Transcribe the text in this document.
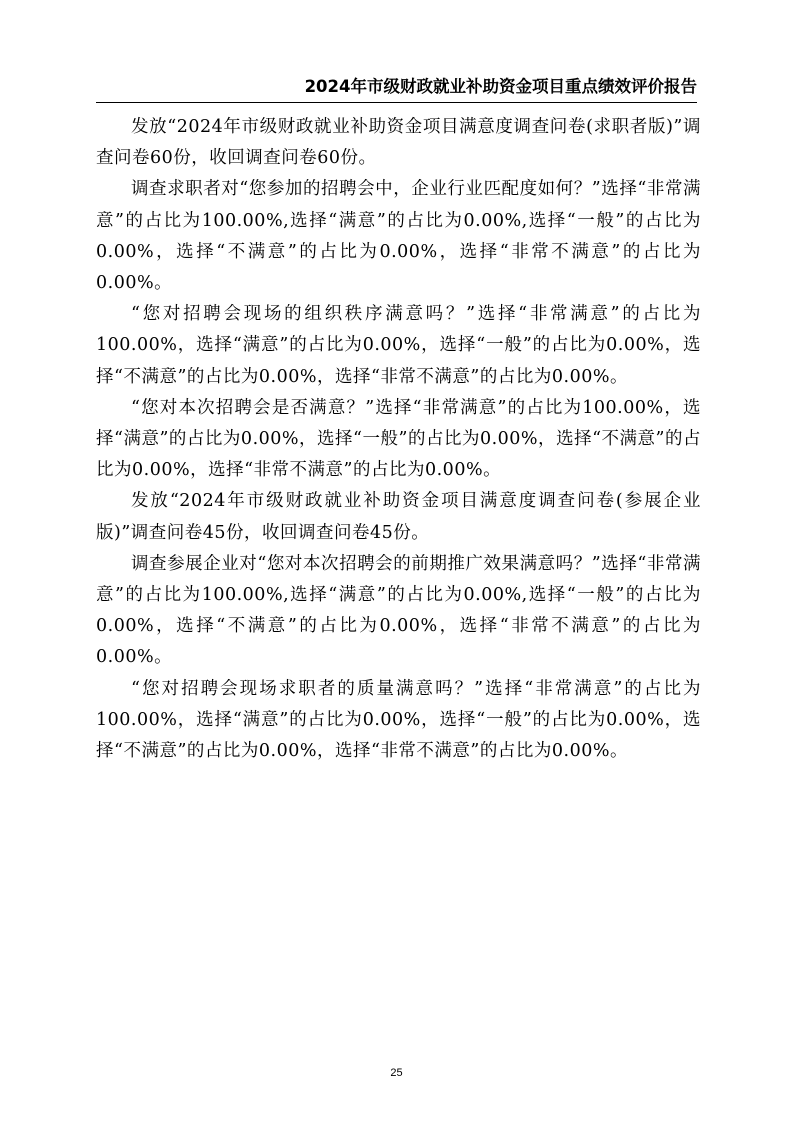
2024年市级财政就业补助资金项目重点绩效评价报告

发放“2024年市级财政就业补助资金项目满意度调查问卷(求职者版)”调查问卷60份，收回调查问卷60份。

调查求职者对“您参加的招聘会中，企业行业匹配度如何？”选择“非常满意”的占比为100.00%,选择“满意”的占比为0.00%,选择“一般”的占比为0.00%，选择“不满意”的占比为0.00%，选择“非常不满意”的占比为0.00%。

“您对招聘会现场的组织秩序满意吗？”选择“非常满意”的占比为100.00%，选择“满意”的占比为0.00%，选择“一般”的占比为0.00%，选择“不满意”的占比为0.00%，选择“非常不满意”的占比为0.00%。

“您对本次招聘会是否满意？”选择“非常满意”的占比为100.00%，选择“满意”的占比为0.00%，选择“一般”的占比为0.00%，选择“不满意”的占比为0.00%，选择“非常不满意”的占比为0.00%。

发放“2024年市级财政就业补助资金项目满意度调查问卷(参展企业版)”调查问卷45份，收回调查问卷45份。

调查参展企业对“您对本次招聘会的前期推广效果满意吗？”选择“非常满意”的占比为100.00%,选择“满意”的占比为0.00%,选择“一般”的占比为0.00%，选择“不满意”的占比为0.00%，选择“非常不满意”的占比为0.00%。

“您对招聘会现场求职者的质量满意吗？”选择“非常满意”的占比为100.00%，选择“满意”的占比为0.00%，选择“一般”的占比为0.00%，选择“不满意”的占比为0.00%，选择“非常不满意”的占比为0.00%。

25
